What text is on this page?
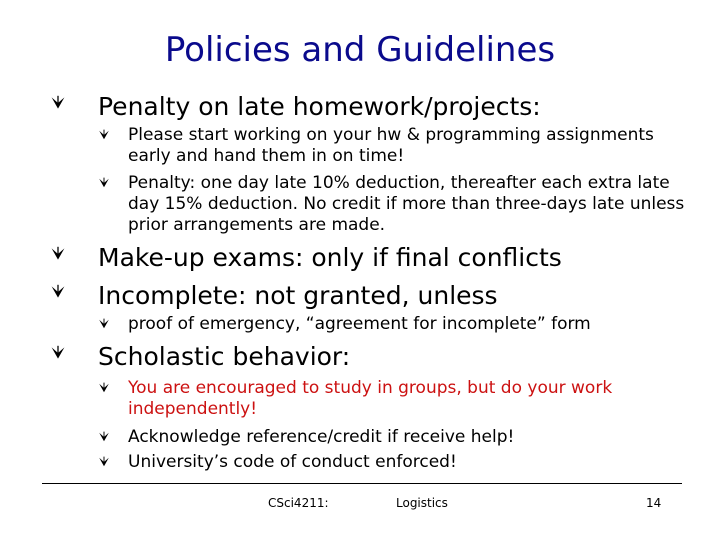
Policies and Guidelines
Penalty on late homework/projects:
Please start working on your hw & programming assignments early and hand them in on time!
Penalty: one day late 10% deduction, thereafter each extra late day 15% deduction. No credit if more than three-days late unless prior arrangements are made.
Make-up exams: only if final conflicts
Incomplete: not granted, unless
proof of emergency, “agreement for incomplete” form
Scholastic behavior:
You are encouraged to study in groups, but do your work independently!
Acknowledge reference/credit if receive help!
University’s code of conduct enforced!
CSci4211:	Logistics	14
